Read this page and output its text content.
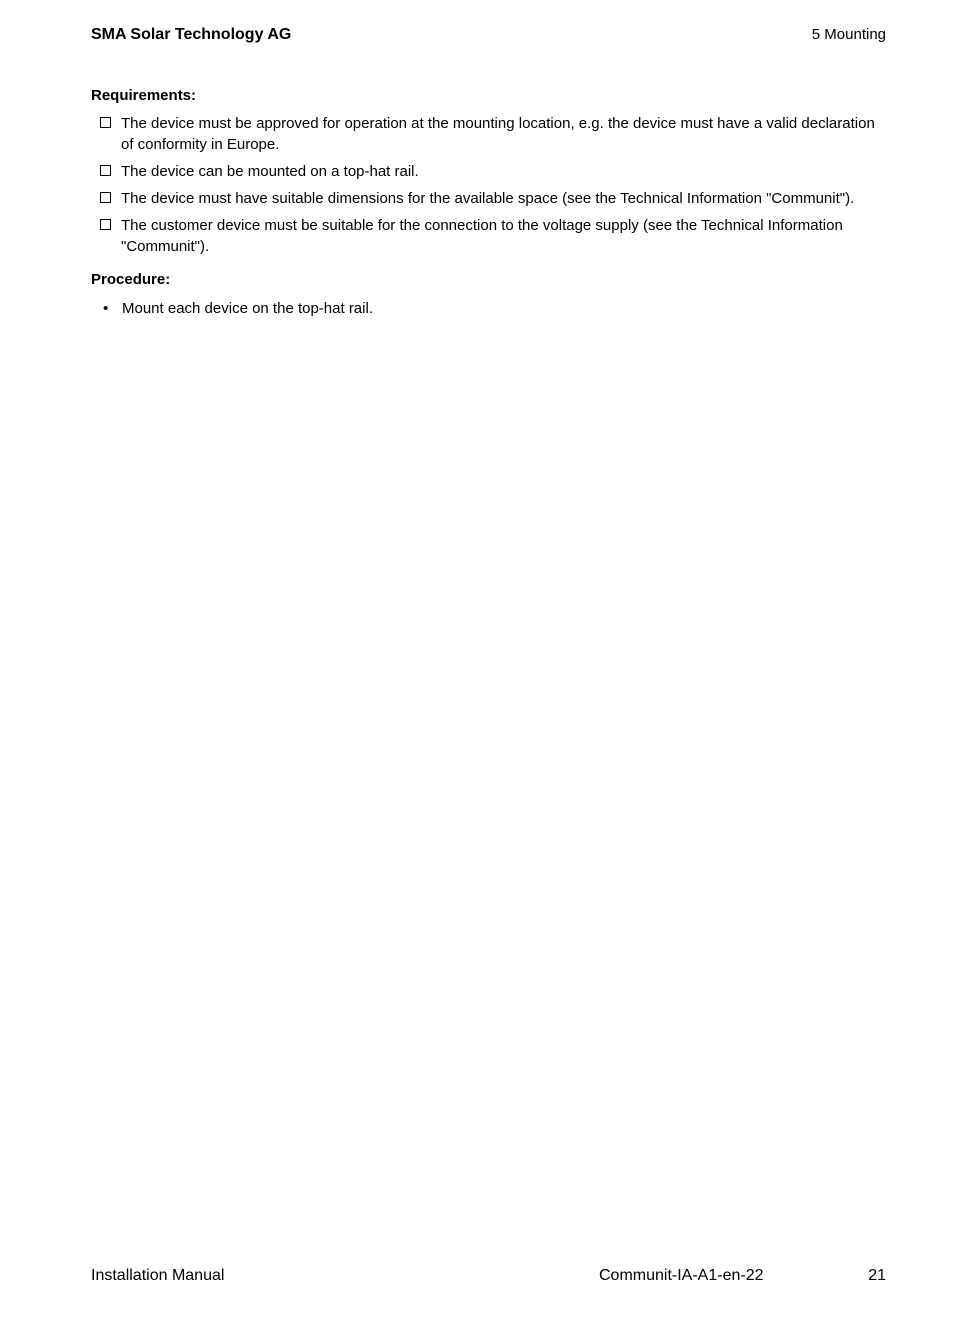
SMA Solar Technology AG	5 Mounting
Requirements:
The device must be approved for operation at the mounting location, e.g. the device must have a valid declaration of conformity in Europe.
The device can be mounted on a top-hat rail.
The device must have suitable dimensions for the available space (see the Technical Information "Communit").
The customer device must be suitable for the connection to the voltage supply (see the Technical Information "Communit").
Procedure:
• Mount each device on the top-hat rail.
Installation Manual	Communit-IA-A1-en-22	21
